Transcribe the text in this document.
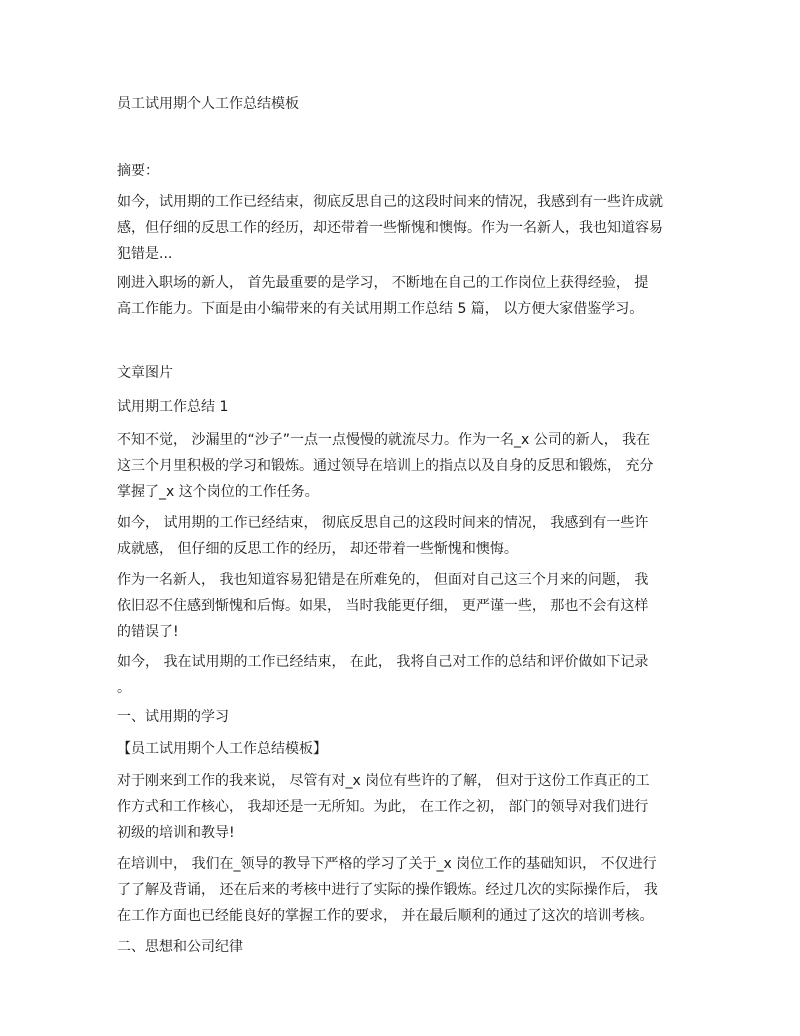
员工试用期个人工作总结模板
摘要：
如今，试用期的工作已经结束，彻底反思自己的这段时间来的情况，我感到有一些许成就
感，但仔细的反思工作的经历，却还带着一些惭愧和懊悔。作为一名新人，我也知道容易
犯错是...
刚进入职场的新人， 首先最重要的是学习， 不断地在自己的工作岗位上获得经验， 提
高工作能力。下面是由小编带来的有关试用期工作总结 5 篇， 以方便大家借鉴学习。
文章图片
试用期工作总结 1
不知不觉， 沙漏里的“沙子”一点一点慢慢的就流尽力。作为一名_x 公司的新人， 我在
这三个月里积极的学习和锻炼。通过领导在培训上的指点以及自身的反思和锻炼， 充分
掌握了_x 这个岗位的工作任务。
如今， 试用期的工作已经结束， 彻底反思自己的这段时间来的情况， 我感到有一些许
成就感， 但仔细的反思工作的经历， 却还带着一些惭愧和懊悔。
作为一名新人， 我也知道容易犯错是在所难免的， 但面对自己这三个月来的问题， 我
依旧忍不住感到惭愧和后悔。如果， 当时我能更仔细， 更严谨一些， 那也不会有这样
的错误了!
如今， 我在试用期的工作已经结束， 在此， 我将自己对工作的总结和评价做如下记录
。
一、试用期的学习
【员工试用期个人工作总结模板】
对于刚来到工作的我来说， 尽管有对_x 岗位有些许的了解， 但对于这份工作真正的工
作方式和工作核心， 我却还是一无所知。为此， 在工作之初， 部门的领导对我们进行
初级的培训和教导!
在培训中， 我们在_领导的教导下严格的学习了关于_x 岗位工作的基础知识， 不仅进行
了了解及背诵， 还在后来的考核中进行了实际的操作锻炼。经过几次的实际操作后， 我
在工作方面也已经能良好的掌握工作的要求， 并在最后顺利的通过了这次的培训考核。
二、思想和公司纪律
